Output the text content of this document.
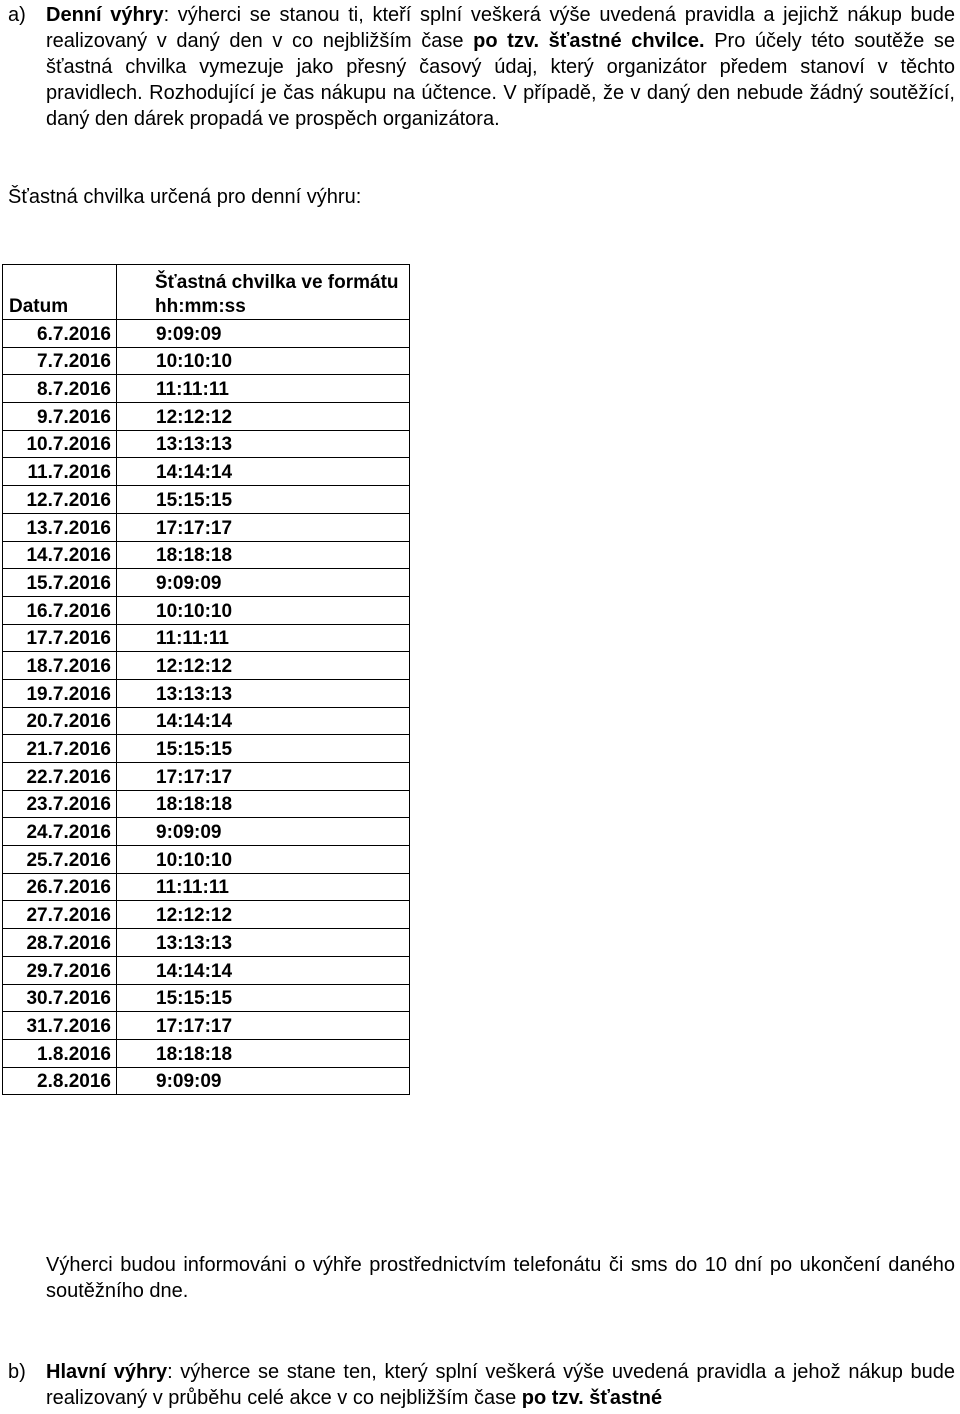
a) Denní výhry: výherci se stanou ti, kteří splní veškerá výše uvedená pravidla a jejichž nákup bude realizovaný v daný den v co nejbližším čase po tzv. šťastné chvilce. Pro účely této soutěže se šťastná chvilka vymezuje jako přesný časový údaj, který organizátor předem stanoví v těchto pravidlech. Rozhodující je čas nákupu na účtence. V případě, že v daný den nebude žádný soutěžící, daný den dárek propadá ve prospěch organizátora.
Šťastná chvilka určená pro denní výhru:
Datum	Šťastná chvilka ve formátu hh:mm:ss
6.7.2016	9:09:09
7.7.2016	10:10:10
8.7.2016	11:11:11
9.7.2016	12:12:12
10.7.2016	13:13:13
11.7.2016	14:14:14
12.7.2016	15:15:15
13.7.2016	17:17:17
14.7.2016	18:18:18
15.7.2016	9:09:09
16.7.2016	10:10:10
17.7.2016	11:11:11
18.7.2016	12:12:12
19.7.2016	13:13:13
20.7.2016	14:14:14
21.7.2016	15:15:15
22.7.2016	17:17:17
23.7.2016	18:18:18
24.7.2016	9:09:09
25.7.2016	10:10:10
26.7.2016	11:11:11
27.7.2016	12:12:12
28.7.2016	13:13:13
29.7.2016	14:14:14
30.7.2016	15:15:15
31.7.2016	17:17:17
1.8.2016	18:18:18
2.8.2016	9:09:09
Výherci budou informováni o výhře prostřednictvím telefonátu či sms do 10 dní po ukončení daného soutěžního dne.
b) Hlavní výhry: výherce se stane ten, který splní veškerá výše uvedená pravidla a jehož nákup bude realizovaný v průběhu celé akce v co nejbližším čase po tzv. šťastné
